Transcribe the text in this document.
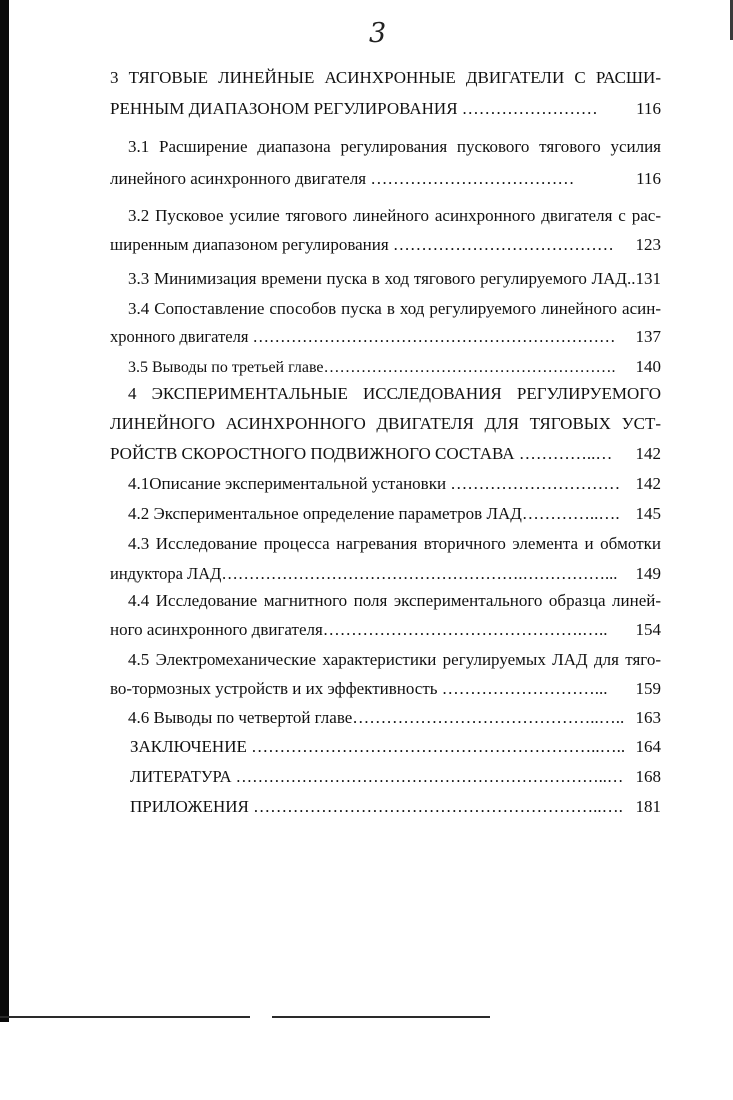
3
3 ТЯГОВЫЕ ЛИНЕЙНЫЕ АСИНХРОННЫЕ ДВИГАТЕЛИ С РАСШИ-
РЕННЫМ ДИАПАЗОНОМ РЕГУЛИРОВАНИЯ …………………… 116
3.1 Расширение диапазона регулирования пускового тягового усилия
линейного асинхронного двигателя ………………………………	116
3.2 Пусковое усилие тягового линейного асинхронного двигателя с рас-
ширенным диапазоном регулирования ………………………………… 123
3.3 Минимизация времени пуска в ход тягового регулируемого ЛАД..131
3.4 Сопоставление способов пуска в ход регулируемого линейного асин-
хронного двигателя ………………………………………………………… 137
3.5 Выводы по третьей главе………………………………………………. 140
4 ЭКСПЕРИМЕНТАЛЬНЫЕ ИССЛЕДОВАНИЯ РЕГУЛИРУЕМОГО
ЛИНЕЙНОГО АСИНХРОННОГО ДВИГАТЕЛЯ ДЛЯ ТЯГОВЫХ УСТ-
РОЙСТВ СКОРОСТНОГО ПОДВИЖНОГО СОСТАВА …………..… 142
4.1Описание экспериментальной установки ………………………… 142
4.2 Экспериментальное определение параметров ЛАД…………..…. 145
4.3 Исследование процесса нагревания вторичного элемента и обмотки
индуктора ЛАД……………………………………………….……………... 149
4.4 Исследование магнитного поля экспериментального образца линей-
ного асинхронного двигателя……………………………………….….. 154
4.5 Электромеханические характеристики регулируемых ЛАД для тяго-
во-тормозных устройств и их эффективность ………………………... 159
4.6 Выводы по четвертой главе……………………………………..….. 163
ЗАКЛЮЧЕНИЕ ……………………………………………………..….. 164
ЛИТЕРАТУРА …………………………………………………………..… 168
ПРИЛОЖЕНИЯ ……………………………………………………..…. 181
